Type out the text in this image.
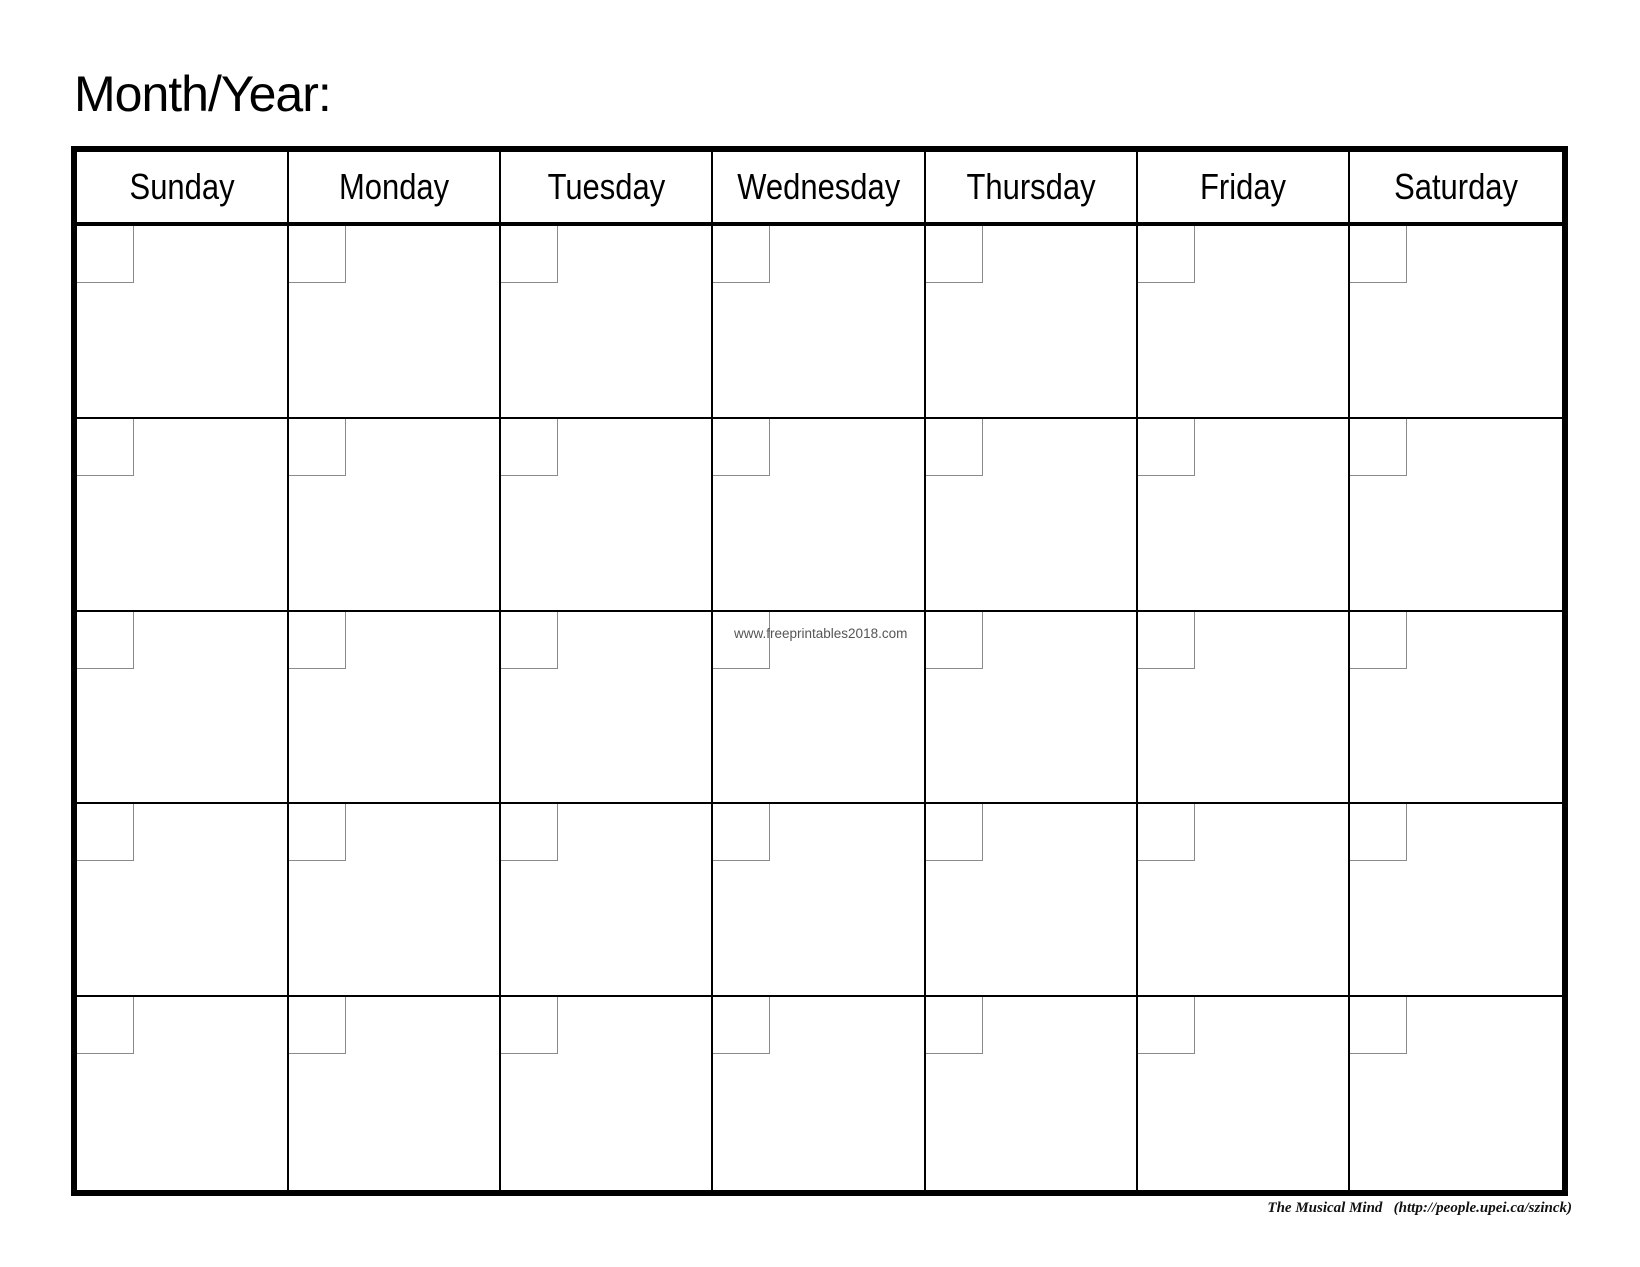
Month/Year:
Sunday	Monday	Tuesday Wednesday Thursday	Friday	Saturday
www.freeprintables2018.com
The Musical Mind   (http://people.upei.ca/szinck)
